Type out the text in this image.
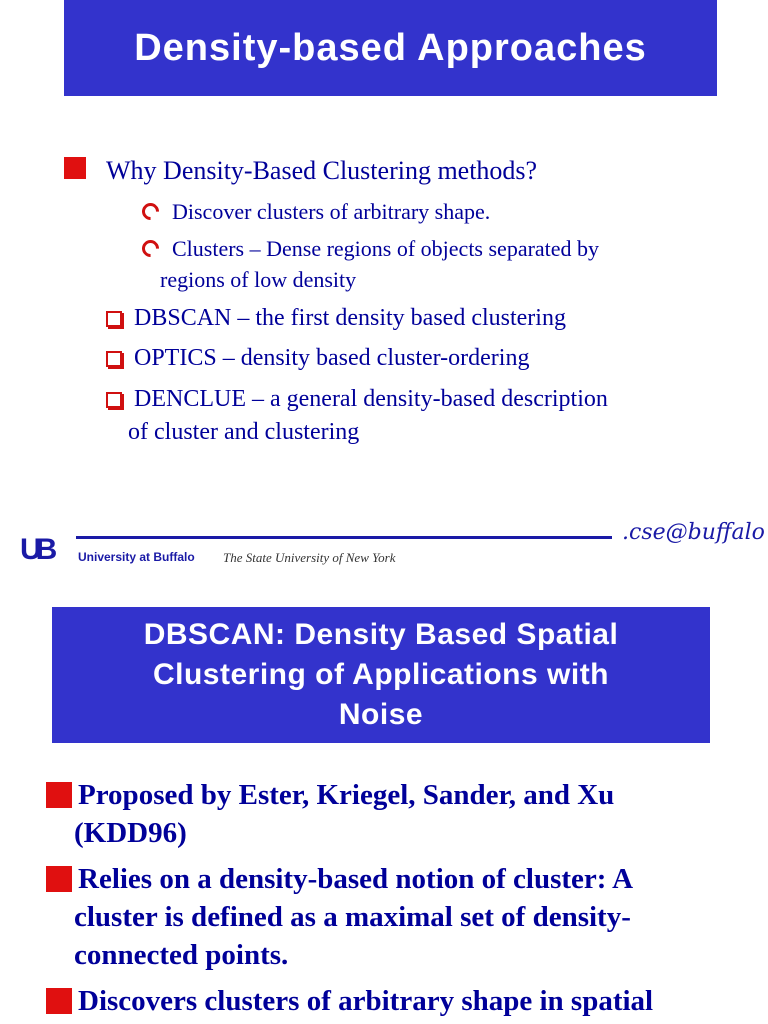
Density-based Approaches
Why Density-Based Clustering methods?
Discover clusters of arbitrary shape.
Clusters – Dense regions of objects separated by
regions of low density
DBSCAN – the first density based clustering
OPTICS – density based cluster-ordering
DENCLUE – a general density-based description
of cluster and clustering
UB	University at Buffalo The State University of New York
.cse@buffalo
DBSCAN: Density Based Spatial
Clustering of Applications with
Noise
Proposed by Ester, Kriegel, Sander, and Xu
(KDD96)
Relies on a density-based notion of cluster: A
cluster is defined as a maximal set of density-
connected points.
Discovers clusters of arbitrary shape in spatial
